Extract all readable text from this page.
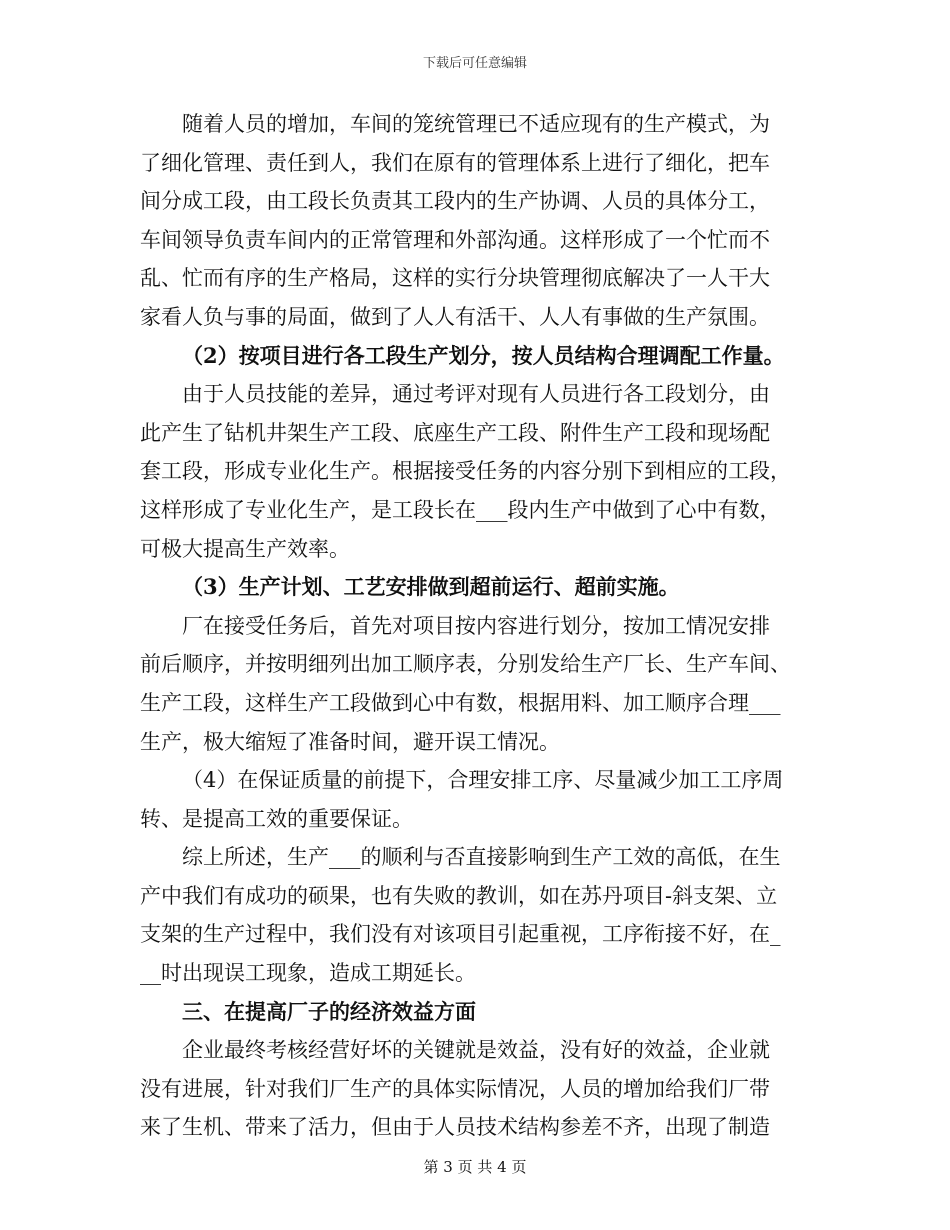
下载后可任意编辑
随着人员的增加，车间的笼统管理已不适应现有的生产模式，为
了细化管理、责任到人，我们在原有的管理体系上进行了细化，把车
间分成工段，由工段长负责其工段内的生产协调、人员的具体分工，
车间领导负责车间内的正常管理和外部沟通。这样形成了一个忙而不
乱、忙而有序的生产格局，这样的实行分块管理彻底解决了一人干大
家看人负与事的局面，做到了人人有活干、人人有事做的生产氛围。
（2）按项目进行各工段生产划分，按人员结构合理调配工作量。
由于人员技能的差异，通过考评对现有人员进行各工段划分，由
此产生了钻机井架生产工段、底座生产工段、附件生产工段和现场配
套工段，形成专业化生产。根据接受任务的内容分别下到相应的工段，
这样形成了专业化生产，是工段长在___段内生产中做到了心中有数，
可极大提高生产效率。
（3）生产计划、工艺安排做到超前运行、超前实施。
厂在接受任务后，首先对项目按内容进行划分，按加工情况安排
前后顺序，并按明细列出加工顺序表，分别发给生产厂长、生产车间、
生产工段，这样生产工段做到心中有数，根据用料、加工顺序合理___
生产，极大缩短了准备时间，避开误工情况。
（4）在保证质量的前提下，合理安排工序、尽量减少加工工序周
转、是提高工效的重要保证。
综上所述，生产___的顺利与否直接影响到生产工效的高低，在生
产中我们有成功的硕果，也有失败的教训，如在苏丹项目-斜支架、立
支架的生产过程中，我们没有对该项目引起重视，工序衔接不好，在_
__时出现误工现象，造成工期延长。
三、在提高厂子的经济效益方面
企业最终考核经营好坏的关键就是效益，没有好的效益，企业就
没有进展，针对我们厂生产的具体实际情况，人员的增加给我们厂带
来了生机、带来了活力，但由于人员技术结构参差不齐，出现了制造
第 3 页 共 4 页
